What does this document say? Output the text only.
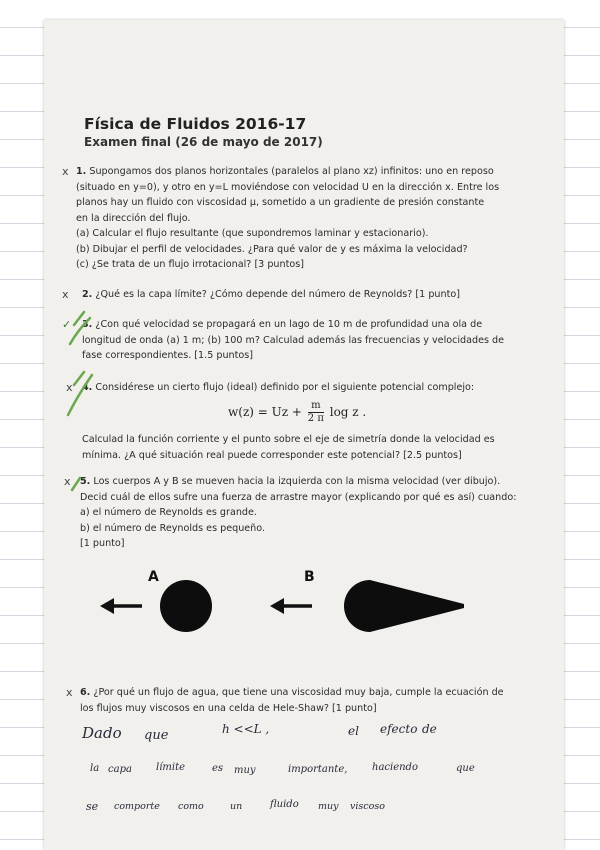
Física de Fluidos 2016-17
Examen final (26 de mayo de 2017)
x 1. Supongamos dos planos horizontales (paralelos al plano xz) infinitos: uno en reposo
(situado en y=0), y otro en y=L moviéndose con velocidad U en la dirección x. Entre los
planos hay un fluido con viscosidad μ, sometido a un gradiente de presión constante
en la dirección del flujo.
(a) Calcular el flujo resultante (que supondremos laminar y estacionario).
(b) Dibujar el perfil de velocidades. ¿Para qué valor de y es máxima la velocidad?
(c) ¿Se trata de un flujo irrotacional? [3 puntos]
x 2. ¿Qué es la capa límite? ¿Cómo depende del número de Reynolds? [1 punto]
✓ 3. ¿Con qué velocidad se propagará en un lago de 10 m de profundidad una ola de
longitud de onda (a) 1 m; (b) 100 m? Calculad además las frecuencias y velocidades de
fase correspondientes. [1.5 puntos]
x 4. Considérese un cierto flujo (ideal) definido por el siguiente potencial complejo:
$w(z) = Uz + \frac{m}{2 \pi}$ log z .
Calculad la función corriente y el punto sobre el eje de simetría donde la velocidad es
mínima. ¿A qué situación real puede corresponder este potencial? [2.5 puntos]
x 5. Los cuerpos A y B se mueven hacia la izquierda con la misma velocidad (ver dibujo).
Decid cuál de ellos sufre una fuerza de arrastre mayor (explicando por qué es así) cuando:
a) el número de Reynolds es grande.
b) el número de Reynolds es pequeño.
[1 punto]
A	B
x 6. ¿Por qué un flujo de agua, que tiene una viscosidad muy baja, cumple la ecuación de
los flujos muy viscosos en una celda de Hele-Shaw? [1 punto]
Dado que	h <<L ,	el efecto de
la capa límite	es muy	importante, haciendo	que
se comporte como	un	fluido muy viscoso
